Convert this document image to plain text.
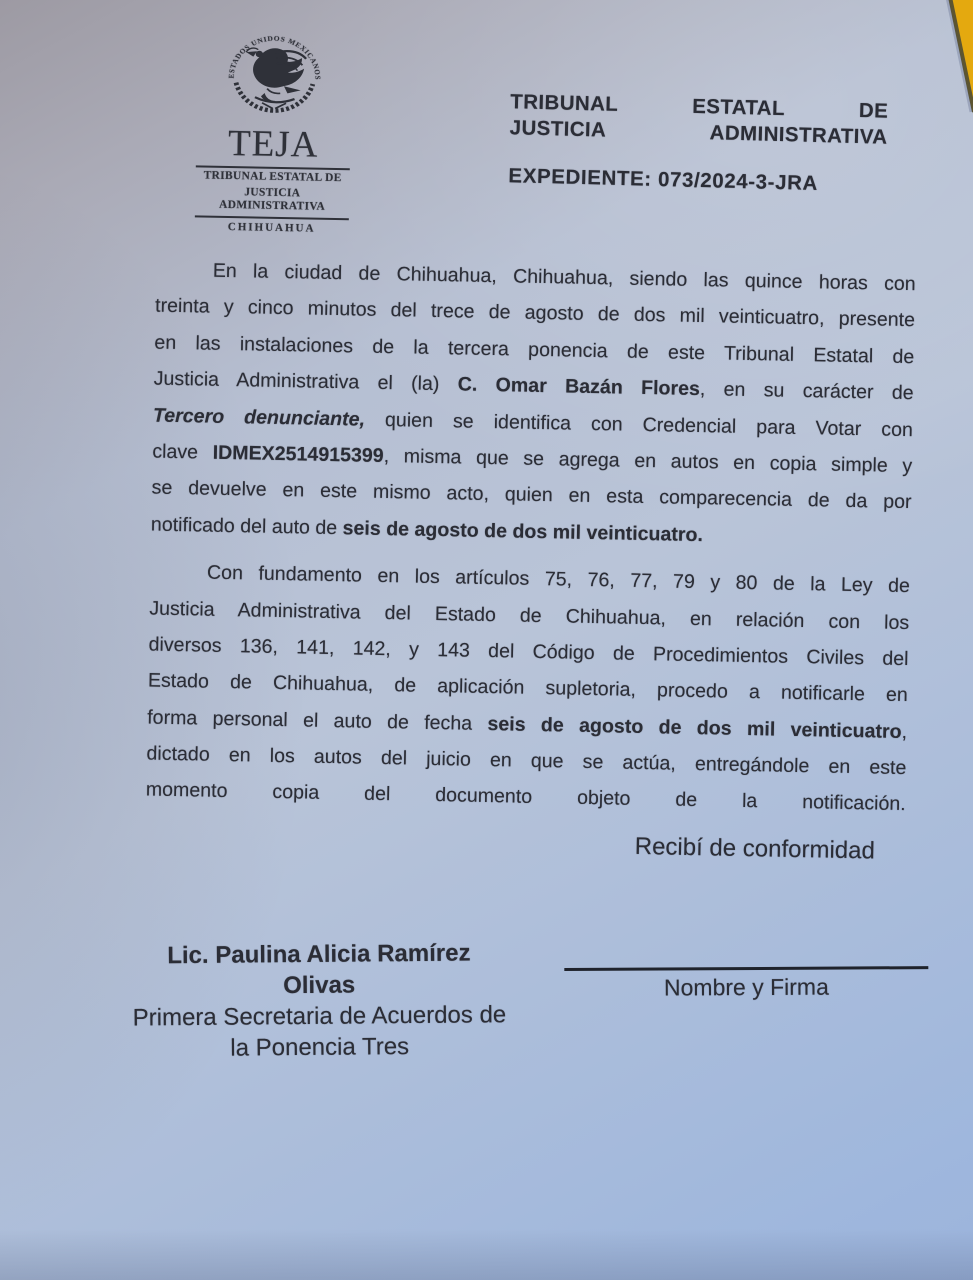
ESTADOS UNIDOS MEXICANOS
TEJA
TRIBUNAL ESTATAL DE
JUSTICIA ADMINISTRATIVA
CHIHUAHUA
TRIBUNAL ESTATAL DE
JUSTICIA ADMINISTRATIVA
EXPEDIENTE: 073/2024-3-JRA
En la ciudad de Chihuahua, Chihuahua, siendo las quince horas con
treinta y cinco minutos del trece de agosto de dos mil veinticuatro, presente
en las instalaciones de la tercera ponencia de este Tribunal Estatal de
Justicia Administrativa el (la) C. Omar Bazán Flores, en su carácter de
Tercero denunciante, quien se identifica con Credencial para Votar con
clave IDMEX2514915399, misma que se agrega en autos en copia simple y
se devuelve en este mismo acto, quien en esta comparecencia de da por
notificado del auto de seis de agosto de dos mil veinticuatro.
Con fundamento en los artículos 75, 76, 77, 79 y 80 de la Ley de
Justicia Administrativa del Estado de Chihuahua, en relación con los
diversos 136, 141, 142, y 143 del Código de Procedimientos Civiles del
Estado de Chihuahua, de aplicación supletoria, procedo a notificarle en
forma personal el auto de fecha seis de agosto de dos mil veinticuatro,
dictado en los autos del juicio en que se actúa, entregándole en este
momento copia del documento objeto de la notificación.
Recibí de conformidad
Lic. Paulina Alicia Ramírez
Olivas
Primera Secretaria de Acuerdos de
la Ponencia Tres
Nombre y Firma
